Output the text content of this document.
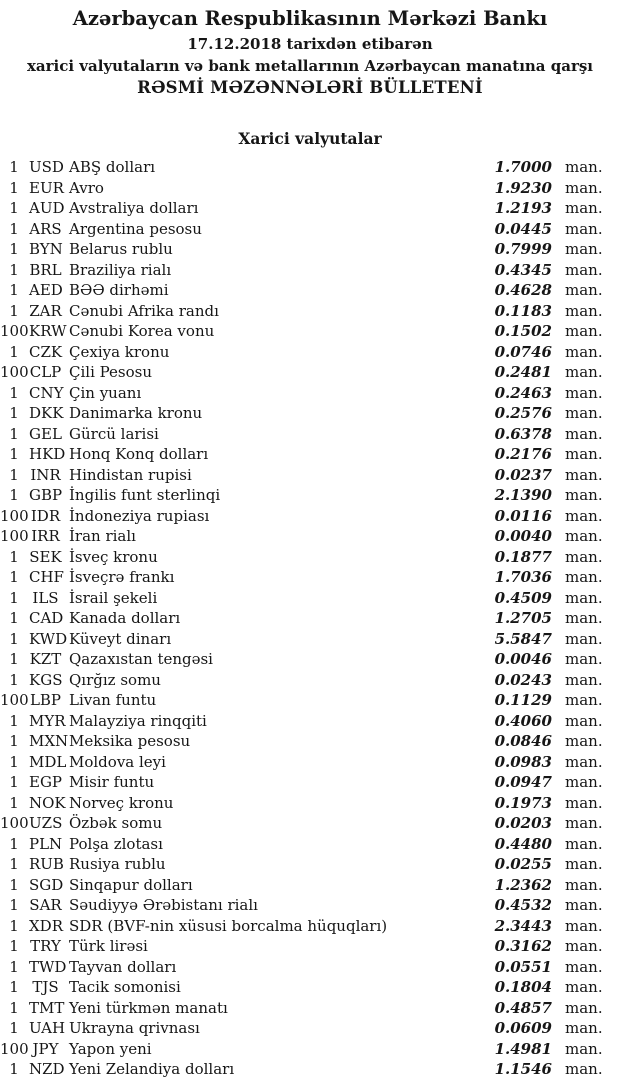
Azərbaycan Respublikasının Mərkəzi Bankı
17.12.2018 tarixdən etibarən
xarici valyutaların və bank metallarının Azərbaycan manatına qarşı
RƏSMİ MƏZƏNNƏLƏRİ BÜLLETENİ
Xarici valyutalar
1 USD ABŞ dolları	1.7000 man.
1 EUR Avro	1.9230 man.
1 AUD Avstraliya dolları	1.2193 man.
1 ARS Argentina pesosu	0.0445 man.
1 BYN Belarus rublu	0.7999 man.
1 BRL Braziliya rialı	0.4345 man.
1 AED BƏƏ dirhəmi	0.4628 man.
1 ZAR Cənubi Afrika randı	0.1183 man.
100 KRW Cənubi Korea vonu	0.1502 man.
1 CZK Çexiya kronu	0.0746 man.
100 CLP Çili Pesosu	0.2481 man.
1 CNY Çin yuanı	0.2463 man.
1 DKK Danimarka kronu	0.2576 man.
1 GEL Gürcü larisi	0.6378 man.
1 HKD Honq Konq dolları	0.2176 man.
1 INR Hindistan rupisi	0.0237 man.
1 GBP İngilis funt sterlinqi	2.1390 man.
100 IDR İndoneziya rupiası	0.0116 man.
100 IRR İran rialı	0.0040 man.
1 SEK İsveç kronu	0.1877 man.
1 CHF İsveçrə frankı	1.7036 man.
1 ILS İsrail şekeli	0.4509 man.
1 CAD Kanada dolları	1.2705 man.
1 KWD Küveyt dinarı	5.5847 man.
1 KZT Qazaxıstan tengəsi	0.0046 man.
1 KGS Qırğız somu	0.0243 man.
100 LBP Livan funtu	0.1129 man.
1 MYR Malayziya rinqqiti	0.4060 man.
1 MXN Meksika pesosu	0.0846 man.
1 MDL Moldova leyi	0.0983 man.
1 EGP Misir funtu	0.0947 man.
1 NOK Norveç kronu	0.1973 man.
100 UZS Özbək somu	0.0203 man.
1 PLN Polşa zlotası	0.4480 man.
1 RUB Rusiya rublu	0.0255 man.
1 SGD Sinqapur dolları	1.2362 man.
1 SAR Səudiyyə Ərəbistanı rialı	0.4532 man.
1 XDR SDR (BVF-nin xüsusi borcalma hüquqları)	2.3443 man.
1 TRY Türk lirəsi	0.3162 man.
1 TWD Tayvan dolları	0.0551 man.
1 TJS Tacik somonisi	0.1804 man.
1 TMT Yeni türkmən manatı	0.4857 man.
1 UAH Ukrayna qrivnası	0.0609 man.
100 JPY Yapon yeni	1.4981 man.
1 NZD Yeni Zelandiya dolları	1.1546 man.
